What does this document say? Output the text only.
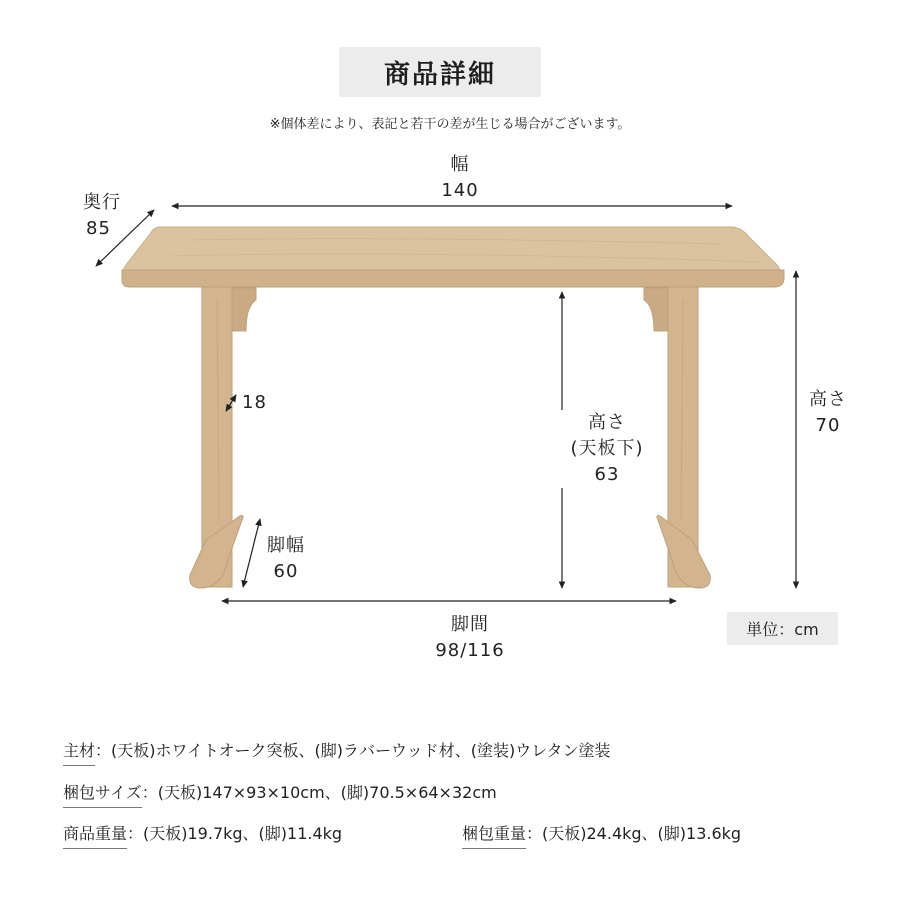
商品詳細
※個体差により、表記と若干の差が生じる場合がございます。
幅
140
奥行
85
高さ
70
高さ
(天板下)
63
18
脚幅
60
脚間
98/116
単位：cm
主材：(天板)ホワイトオーク突板、(脚)ラバーウッド材、(塗装)ウレタン塗装
梱包サイズ：(天板)147×93×10cm、(脚)70.5×64×32cm
商品重量：(天板)19.7kg、(脚)11.4kg	梱包重量：(天板)24.4kg、(脚)13.6kg
